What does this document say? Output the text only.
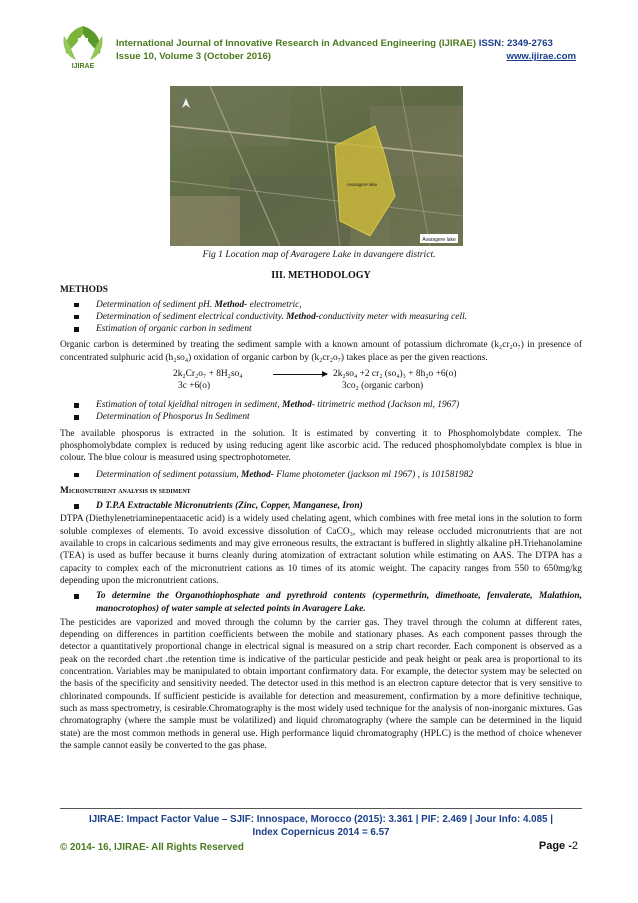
IJIRAE
International Journal of Innovative Research in Advanced Engineering (IJIRAE) ISSN: 2349-2763
Issue 10, Volume 3 (October 2016)	www.ijirae.com
Avaragere lake
Avaragere lake
Fig 1 Location map of Avaragere Lake in davangere district.
III. METHODOLOGY
METHODS
Determination of sediment pH. Method- electrometric,
Determination of sediment electrical conductivity. Method-conductivity meter with measuring cell.
Estimation of organic carbon in sediment

Organic carbon is determined by treating the sediment sample with a known amount of potassium dichromate (k₂cr₂o₇) in presence of concentrated sulphuric acid (h₂so₄) oxidation of organic carbon by (k₂cr₂o₇) takes place as per the given reactions.

2k₂Cr₂o₇ + 8H₂so₄	2k₂so₄ +2 cr₂ (so₄)₃ + 8h₂o +6(o)
3c +6(o)	3co₂ (organic carbon)
Estimation of total kjeldhal nitrogen in sediment, Method- titrimetric method (Jackson ml, 1967)
Determination of Phosporus In Sediment

The available phosporus is extracted in the solution. It is estimated by converting it to Phosphomolybdate complex. The phosphomolybdate complex is reduced by using reducing agent like ascorbic acid. The reduced phosphomolybdate complex is blue in colour. The blue colour is measured using spectrophotometer.

Determination of sediment potassium, Method- Flame photometer (jackson ml 1967) , is 101581982
Micronutrient analysis in sediment
D T.P.A Extractable Micronutrients (Zinc, Copper, Manganese, Iron)

DTPA (Diethylenetriaminepentaacetic acid) is a widely used chelating agent, which combines with free metal ions in the solution to form soluble complexes of elements. To avoid excessive dissolution of CaCO₃, which may release occluded micronutrients that are not available to crops in calcarious sediments and may give erroneous results, the extractant is buffered in slightly alkaline pH.Triehanolamine (TEA) is used as buffer because it burns cleanly during atomization of extractant solution while estimating on AAS. The DTPA has a capacity to complex each of the micronutrient cations as 10 times of its atomic weight. The capacity ranges from 550 to 650mg/kg depending upon the micronutrient cations.

To determine the Organothiophosphate and pyrethroid contents (cypermethrin, dimethoate, fenvalerate, Malathion, manocrotophos) of water sample at selected points in Avaragere Lake.

The pesticides are vaporized and moved through the column by the carrier gas. They travel through the column at different rates, depending on differences in partition coefficients between the mobile and stationary phases. As each component passes through the detector a quantitatively proportional change in electrical signal is measured on a strip chart recorder. Each component is observed as a peak on the recorded chart .the retention time is indicative of the particular pesticide and peak height or peak area is proportional to its concentration. Variables may be manipulated to obtain important confirmatory data. For example, the detector system may be selected on the basis of the specificity and sensitivity needed. The detector used in this method is an electron capture detector that is very sensitive to chlorinated compounds. If sufficient pesticide is available for detection and measurement, confirmation by a more definitive technique, such as mass spectrometry, is cesirable.Chromatography is the most widely used technique for the analysis of non-inorganic mixtures. Gas chromatography (where the sample must be volatilized) and liquid chromatography (where the sample can be determined in the liquid state) are the most common methods in general use. High performance liquid chromatography (HPLC) is the method of choice whenever the sample cannot easily be converted to the gas phase.

IJIRAE: Impact Factor Value – SJIF: Innospace, Morocco (2015): 3.361 | PIF: 2.469 | Jour Info: 4.085 |
Index Copernicus 2014 = 6.57
© 2014- 16, IJIRAE- All Rights Reserved	Page -2
